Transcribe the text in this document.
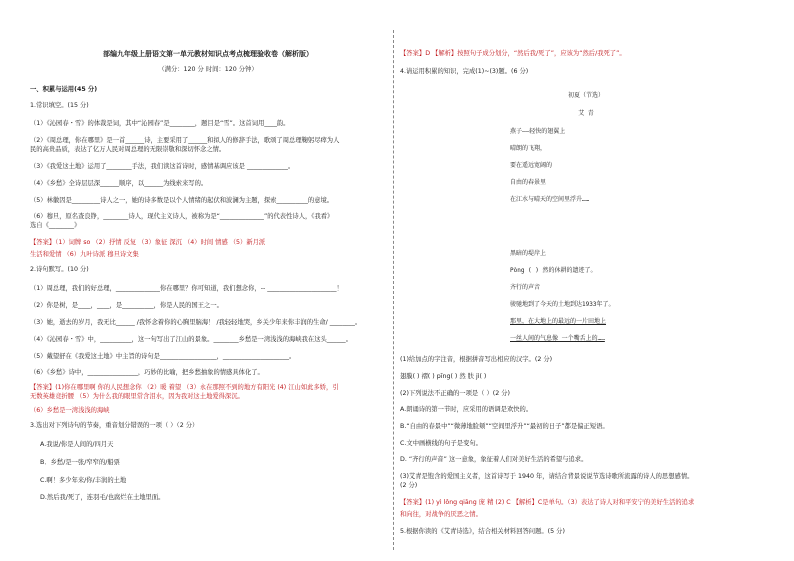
部编九年级上册语文第一单元教材知识点考点梳理验收卷（解析版）
（满分：120 分 时间：120 分钟）
一、积累与运用(45 分)
1.常识填空。(15 分)
（1）《沁园春・雪》的体裁是词，其中“沁园春”是________，题目是“雪”。这首词用____韵。
（2）《周总理，你在哪里》是一首______诗，主要采用了______和拟人的修辞手法，歌颂了周总理鞠躬尽瘁为人
民的高贵品质，表达了亿万人民对周总理的无限崇敬和深切怀念之情。
（3）《我爱这土地》运用了________手法，我们读这首诗时，感情基调应该是 _____________。
（4）《乡愁》全诗层层深______顺序，以______为线索来写的。
（5）林徽因是_________诗人之一，她的诗多数是以个人情绪的起伏和波澜为主题，探索__________的意境。
（6）穆旦，原名查良铮，________诗人，现代主义诗人，被称为是“______________”的代表性诗人，《我看》
选自《________》
【答案】（1）词牌 so （2）抒情 反复 （3）象征 深沉 （4）时间 情感 （5）新月派
生活和爱情 （6）九叶诗派 穆旦诗文集
2.诗句默写。(10 分)
（1）周总理，我们的好总理，______________你在哪里？你可知道，我们想念你，-- ______________________！
（2）你是树，是____，____，是__________，你是人民的国王之一。
（3）她，逝去的岁月，我无比______ /我怀念着你的心胸里脑海！ /我轻轻地哭，乡关少年来你丰润的生命/ ________。
（4）《沁园春・雪》中，__________，这一句写出了江山的景象。________乡愁是一湾浅浅的海峡我在这头______。
（5）戴望舒在《我爱这土地》中主旨的诗句是__________________，_____________________。
（6）《乡愁》诗中，________________，巧妙的比喻，把乡愁抽象的情感具体化了。
【答案】(1)你在哪里啊 你的人民想念你 （2）暖 着望 （3）永在那照不到的地方有阳光 (4) 江山如此多娇，引
无数英雄竞折腰 （5）为什么我的眼里常含泪水，因为我对这土地爱得深沉。
（6）乡愁是一湾浅浅的海峡
3.选出对下列诗句的节奏，重音划分错误的一项（ ）（2 分）
A.我说/你是人间的/四月天
B．乡愁/是一张/窄窄的/船票
C.啊！多少年来/你/丰润的土地
D.然后我/死了，连羽毛/也腐烂在土地里面。
【答案】D 【解析】按照句子成分划分，“然后我/死了”，应该为“然后/我死了”。
4.请运用积累的知识，完成(1)~(3)题。(6 分)
初夏（节选）
艾 青
燕子——轻快的翅翼上
晴朗的飞翔，
要在遥远宽阔的
自由的春景里
在江水与晴天的空间里浮升……
黑暗的堤岸上
Pòng ( ) 然的休耕的遗迹了。
齐行的声音
骏驰地到了今天的土地到达1933年了。
那里，在大地上的最远的一片田地上
一丝人间的气息像 一个嘴舌上的……
(1)给加点的字注音，根据拼音写出相应的汉字。(2 分)
翅膜( ) 褶( ) pīng( ) 然 肤 jì( )
(2)下列说法不正确的一项是（ ）(2 分)
A.朗诵诗的第一节时，应采用的语调是欢快的。
B.“自由的春景中”“微薄地脸颊”“空间里浮升”“最初的日子”都是偏正短语。
C.文中画横线的句子是变句。
D. “齐行的声音” 这一意象，象征着人们对美好生活的希望与追求。
(3)艾青是饱含的爱国主义者，这首诗写于 1940 年，请结合背景说说节选诗歌所流露的诗人的思想感情。
(2 分)
【答案】(1) yì lǒng qiāng 庞 精 (2) C 【解析】C是单句。（3）表达了诗人对和平安宁的美好生活的追求
和向往，对战争的厌恶之情。
5.根据你读的《艾青诗选》，结合相关材料回答问题。(5 分)
